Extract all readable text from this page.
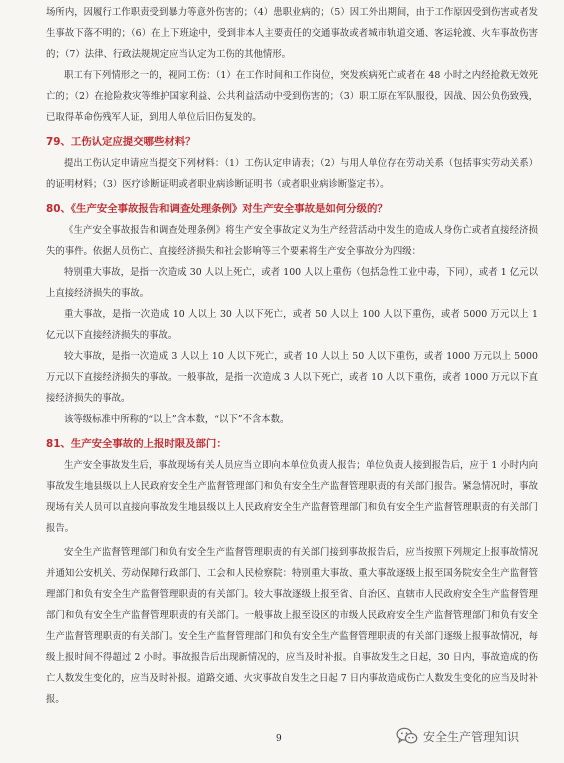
场所内，因履行工作职责受到暴力等意外伤害的；（4）患职业病的；（5）因工外出期间，由于工作原因受到伤害或者发生事故下落不明的；（6）在上下班途中，受到非本人主要责任的交通事故或者城市轨道交通、客运轮渡、火车事故伤害的；（7）法律、行政法规规定应当认定为工伤的其他情形。

职工有下列情形之一的，视同工伤：（1）在工作时间和工作岗位，突发疾病死亡或者在 48 小时之内经抢救无效死亡的；（2）在抢险救灾等维护国家利益、公共利益活动中受到伤害的；（3）职工原在军队服役，因战、因公负伤致残，已取得革命伤残军人证，到用人单位后旧伤复发的。

79、工伤认定应提交哪些材料？

提出工伤认定申请应当提交下列材料：（1）工伤认定申请表；（2）与用人单位存在劳动关系（包括事实劳动关系）的证明材料；（3）医疗诊断证明或者职业病诊断证明书（或者职业病诊断鉴定书）。

80、《生产安全事故报告和调查处理条例》对生产安全事故是如何分级的？

《生产安全事故报告和调查处理条例》将生产安全事故定义为生产经营活动中发生的造成人身伤亡或者直接经济损失的事件。依据人员伤亡、直接经济损失和社会影响等三个要素将生产安全事故分为四级：

特别重大事故，是指一次造成 30 人以上死亡，或者 100 人以上重伤（包括急性工业中毒，下同），或者 1 亿元以上直接经济损失的事故。

重大事故，是指一次造成 10 人以上 30 人以下死亡，或者 50 人以上 100 人以下重伤，或者 5000 万元以上 1 亿元以下直接经济损失的事故。

较大事故，是指一次造成 3 人以上 10 人以下死亡，或者 10 人以上 50 人以下重伤，或者 1000 万元以上 5000 万元以下直接经济损失的事故。一般事故，是指一次造成 3 人以下死亡，或者 10 人以下重伤，或者 1000 万元以下直接经济损失的事故。

该等级标准中所称的“以上”含本数，“以下”不含本数。

81、生产安全事故的上报时限及部门：

生产安全事故发生后，事故现场有关人员应当立即向本单位负责人报告；单位负责人接到报告后，应于 1 小时内向事故发生地县级以上人民政府安全生产监督管理部门和负有安全生产监督管理职责的有关部门报告。紧急情况时，事故现场有关人员可以直接向事故发生地县级以上人民政府安全生产监督管理部门和负有安全生产监督管理职责的有关部门报告。

安全生产监督管理部门和负有安全生产监督管理职责的有关部门接到事故报告后，应当按照下列规定上报事故情况并通知公安机关、劳动保障行政部门、工会和人民检察院：特别重大事故、重大事故逐级上报至国务院安全生产监督管理部门和负有安全生产监督管理职责的有关部门。较大事故逐级上报至省、自治区、直辖市人民政府安全生产监督管理部门和负有安全生产监督管理职责的有关部门。一般事故上报至设区的市级人民政府安全生产监督管理部门和负有安全生产监督管理职责的有关部门。安全生产监督管理部门和负有安全生产监督管理职责的有关部门逐级上报事故情况，每级上报时间不得超过 2 小时。事故报告后出现新情况的，应当及时补报。自事故发生之日起，30 日内，事故造成的伤亡人数发生变化的，应当及时补报。道路交通、火灾事故自发生之日起 7 日内事故造成伤亡人数发生变化的应当及时补报。

9	安全生产管理知识
